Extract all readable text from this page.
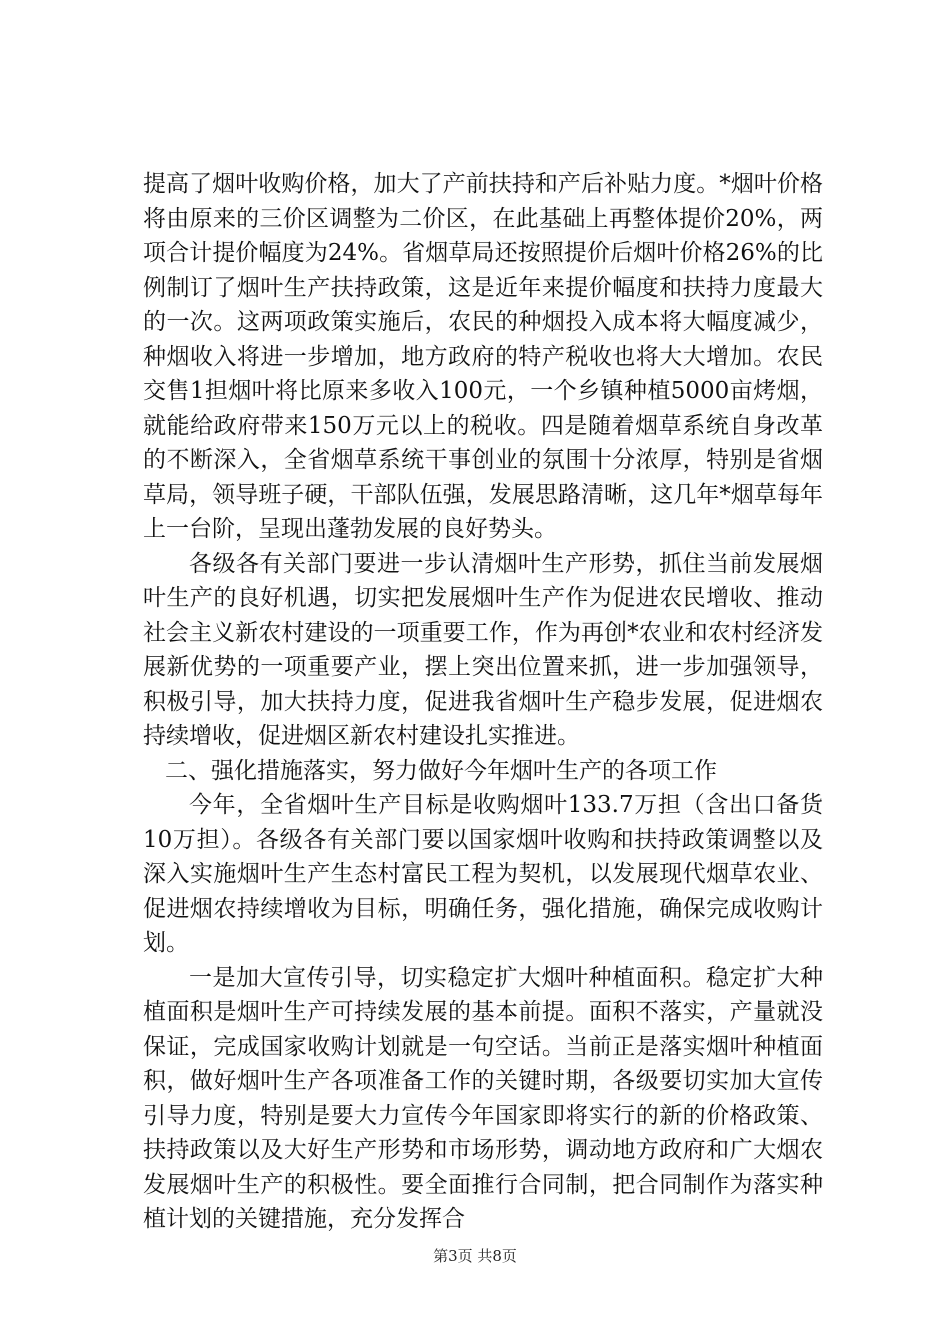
提高了烟叶收购价格，加大了产前扶持和产后补贴力度。*烟叶价格将由原来的三价区调整为二价区，在此基础上再整体提价20%，两项合计提价幅度为24%。省烟草局还按照提价后烟叶价格26%的比例制订了烟叶生产扶持政策，这是近年来提价幅度和扶持力度最大的一次。这两项政策实施后，农民的种烟投入成本将大幅度减少，种烟收入将进一步增加，地方政府的特产税收也将大大增加。农民交售1担烟叶将比原来多收入100元，一个乡镇种植5000亩烤烟，就能给政府带来150万元以上的税收。四是随着烟草系统自身改革的不断深入，全省烟草系统干事创业的氛围十分浓厚，特别是省烟草局，领导班子硬，干部队伍强，发展思路清晰，这几年*烟草每年上一台阶，呈现出蓬勃发展的良好势头。

各级各有关部门要进一步认清烟叶生产形势，抓住当前发展烟叶生产的良好机遇，切实把发展烟叶生产作为促进农民增收、推动社会主义新农村建设的一项重要工作，作为再创*农业和农村经济发展新优势的一项重要产业，摆上突出位置来抓，进一步加强领导，积极引导，加大扶持力度，促进我省烟叶生产稳步发展，促进烟农持续增收，促进烟区新农村建设扎实推进。

二、强化措施落实，努力做好今年烟叶生产的各项工作

今年，全省烟叶生产目标是收购烟叶133.7万担（含出口备货10万担）。各级各有关部门要以国家烟叶收购和扶持政策调整以及深入实施烟叶生产生态村富民工程为契机，以发展现代烟草农业、促进烟农持续增收为目标，明确任务，强化措施，确保完成收购计划。

一是加大宣传引导，切实稳定扩大烟叶种植面积。稳定扩大种植面积是烟叶生产可持续发展的基本前提。面积不落实，产量就没保证，完成国家收购计划就是一句空话。当前正是落实烟叶种植面积，做好烟叶生产各项准备工作的关键时期，各级要切实加大宣传引导力度，特别是要大力宣传今年国家即将实行的新的价格政策、扶持政策以及大好生产形势和市场形势，调动地方政府和广大烟农发展烟叶生产的积极性。要全面推行合同制，把合同制作为落实种植计划的关键措施，充分发挥合

第3页 共8页
